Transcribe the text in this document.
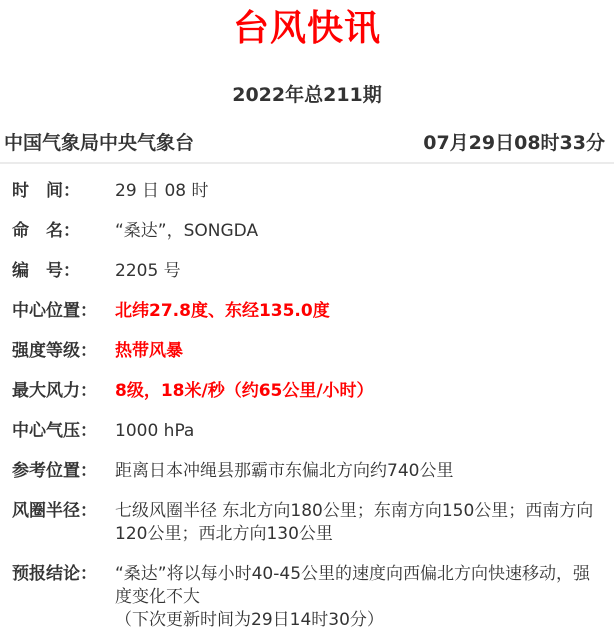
台风快讯
2022年总211期
中国气象局中央气象台	07月29日08时33分
时　间：	29 日 08 时
命　名：	“桑达”，SONGDA
编　号：	2205 号
中心位置：	北纬27.8度、东经135.0度
强度等级：	热带风暴
最大风力：	8级，18米/秒（约65公里/小时）
中心气压：	1000 hPa
参考位置：	距离日本冲绳县那霸市东偏北方向约740公里
风圈半径：	七级风圈半径 东北方向180公里；东南方向150公里；西南方向120公里；西北方向130公里
预报结论：	“桑达”将以每小时40-45公里的速度向西偏北方向快速移动，强度变化不大
（下次更新时间为29日14时30分）
